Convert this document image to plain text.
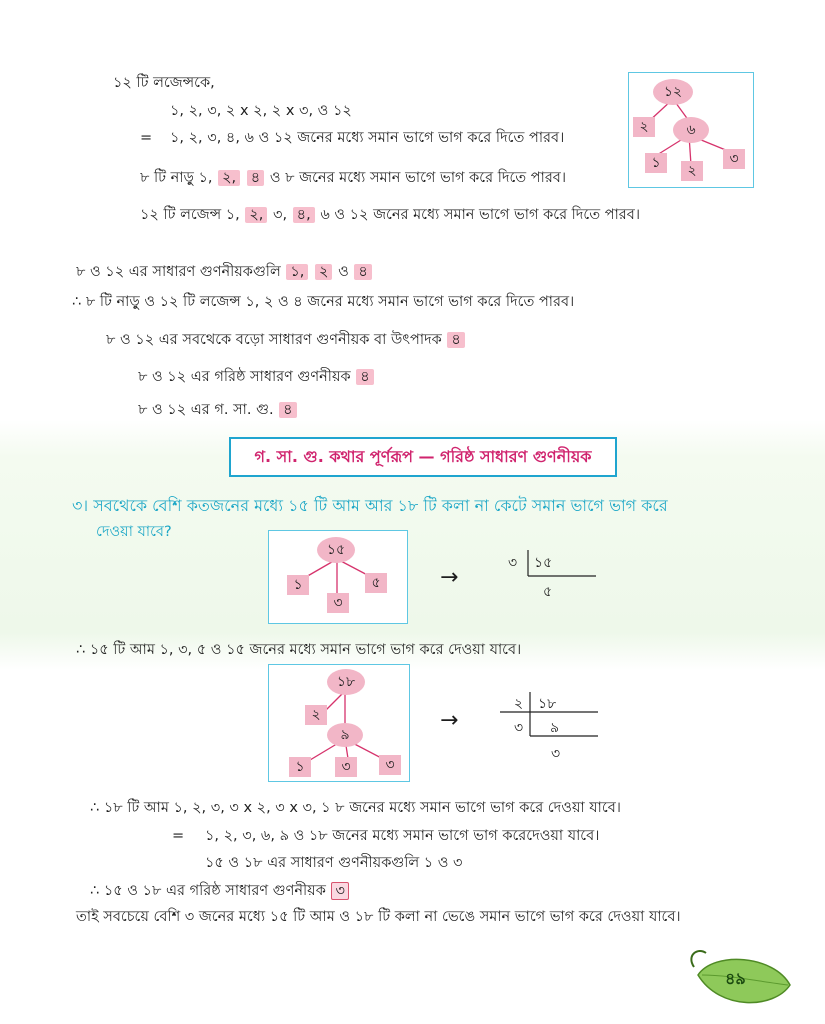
১২ টি লজেন্সকে,
১, ২, ৩, ২ x ২, ২ x ৩, ও ১২
= ১, ২, ৩, ৪, ৬ ও ১২ জনের মধ্যে সমান ভাগে ভাগ করে দিতে পারব।
৮ টি নাড়ু ১, ২, ৪ ও ৮ জনের মধ্যে সমান ভাগে ভাগ করে দিতে পারব।
১২ টি লজেন্স ১, ২, ৩, ৪, ৬ ও ১২ জনের মধ্যে সমান ভাগে ভাগ করে দিতে পারব।
১২
২	৬
১	২
৩
৮ ও ১২ এর সাধারণ গুণনীয়কগুলি ১, ২ ও ৪
∴ ৮ টি নাড়ু ও ১২ টি লজেন্স ১, ২ ও ৪ জনের মধ্যে সমান ভাগে ভাগ করে দিতে পারব।
৮ ও ১২ এর সবথেকে বড়ো সাধারণ গুণনীয়ক বা উৎপাদক ৪
৮ ও ১২ এর গরিষ্ঠ সাধারণ গুণনীয়ক ৪
৮ ও ১২ এর গ. সা. গু. ৪
গ. সা. গু. কথার পূর্ণরূপ — গরিষ্ঠ সাধারণ গুণনীয়ক
৩। সবথেকে বেশি কতজনের মধ্যে ১৫ টি আম আর ১৮ টি কলা না কেটে সমান ভাগে ভাগ করে
দেওয়া যাবে?
১৫
১
৩
৫	→
৩ ১৫
৫
∴ ১৫ টি আম ১, ৩, ৫ ও ১৫ জনের মধ্যে সমান ভাগে ভাগ করে দেওয়া যাবে।
১৮
২
৯
১	৩	৩
→
২ ১৮
৩ ৯
৩
∴ ১৮ টি আম ১, ২, ৩, ৩ x ২, ৩ x ৩, ১ ৮ জনের মধ্যে সমান ভাগে ভাগ করে দেওয়া যাবে।
= ১, ২, ৩, ৬, ৯ ও ১৮ জনের মধ্যে সমান ভাগে ভাগ করেদেওয়া যাবে।
১৫ ও ১৮ এর সাধারণ গুণনীয়কগুলি ১ ও ৩
∴ ১৫ ও ১৮ এর গরিষ্ঠ সাধারণ গুণনীয়ক ৩
তাই সবচেয়ে বেশি ৩ জনের মধ্যে ১৫ টি আম ও ১৮ টি কলা না ভেঙে সমান ভাগে ভাগ করে দেওয়া যাবে।
৪৯
